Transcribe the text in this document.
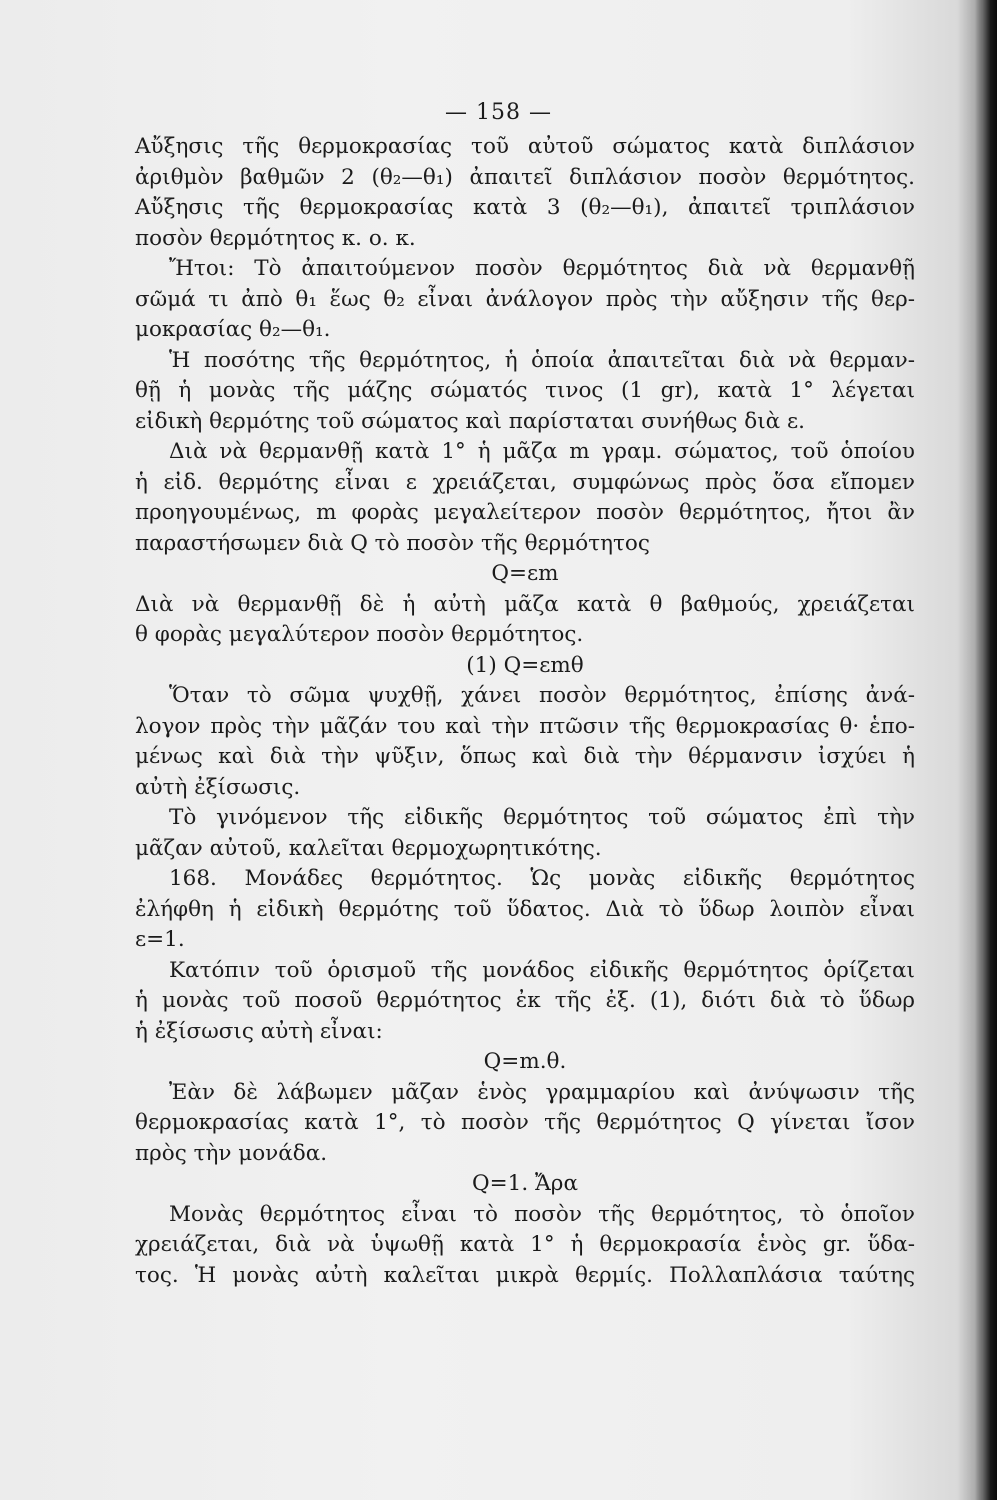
— 158 —
Αὔξησις τῆς θερμοκρασίας τοῦ αὐτοῦ σώματος κατὰ διπλάσιον
ἀριθμὸν βαθμῶν 2 (θ₂—θ₁) ἀπαιτεῖ διπλάσιον ποσὸν θερμότητος.
Αὔξησις τῆς θερμοκρασίας κατὰ 3 (θ₂—θ₁), ἀπαιτεῖ τριπλάσιον
ποσὸν θερμότητος κ. ο. κ.
Ἤτοι: Τὸ ἀπαιτούμενον ποσὸν θερμότητος διὰ νὰ θερμανθῇ
σῶμά τι ἀπὸ θ₁ ἕως θ₂ εἶναι ἀνάλογον πρὸς τὴν αὔξησιν τῆς θερ-
μοκρασίας θ₂—θ₁.
Ἡ ποσότης τῆς θερμότητος, ἡ ὁποία ἀπαιτεῖται διὰ νὰ θερμαν-
θῇ ἡ μονὰς τῆς μάζης σώματός τινος (1 gr), κατὰ 1° λέγεται
εἰδικὴ θερμότης τοῦ σώματος καὶ παρίσταται συνήθως διὰ ε.
Διὰ νὰ θερμανθῇ κατὰ 1° ἡ μᾶζα m γραμ. σώματος, τοῦ ὁποίου
ἡ εἰδ. θερμότης εἶναι ε χρειάζεται, συμφώνως πρὸς ὅσα εἴπομεν
προηγουμένως, m φορὰς μεγαλείτερον ποσὸν θερμότητος, ἤτοι ἂν
παραστήσωμεν διὰ Q τὸ ποσὸν τῆς θερμότητος
Q=εm
Διὰ νὰ θερμανθῇ δὲ ἡ αὐτὴ μᾶζα κατὰ θ βαθμούς, χρειάζεται
θ φορὰς μεγαλύτερον ποσὸν θερμότητος.
(1) Q=εmθ
Ὅταν τὸ σῶμα ψυχθῇ, χάνει ποσὸν θερμότητος, ἐπίσης ἀνά-
λογον πρὸς τὴν μᾶζάν του καὶ τὴν πτῶσιν τῆς θερμοκρασίας θ· ἑπο-
μένως καὶ διὰ τὴν ψῦξιν, ὅπως καὶ διὰ τὴν θέρμανσιν ἰσχύει ἡ
αὐτὴ ἐξίσωσις.
Τὸ γινόμενον τῆς εἰδικῆς θερμότητος τοῦ σώματος ἐπὶ τὴν
μᾶζαν αὐτοῦ, καλεῖται θερμοχωρητικότης.
168. Μονάδες θερμότητος. Ὡς μονὰς εἰδικῆς θερμότητος
ἐλήφθη ἡ εἰδικὴ θερμότης τοῦ ὕδατος. Διὰ τὸ ὕδωρ λοιπὸν εἶναι
ε=1.
Κατόπιν τοῦ ὁρισμοῦ τῆς μονάδος εἰδικῆς θερμότητος ὁρίζεται
ἡ μονὰς τοῦ ποσοῦ θερμότητος ἐκ τῆς ἐξ. (1), διότι διὰ τὸ ὕδωρ
ἡ ἐξίσωσις αὐτὴ εἶναι:
Q=m.θ.
Ἐὰν δὲ λάβωμεν μᾶζαν ἑνὸς γραμμαρίου καὶ ἀνύψωσιν τῆς
θερμοκρασίας κατὰ 1°, τὸ ποσὸν τῆς θερμότητος Q γίνεται ἴσον
πρὸς τὴν μονάδα.
Q=1. Ἄρα
Μονὰς θερμότητος εἶναι τὸ ποσὸν τῆς θερμότητος, τὸ ὁποῖον
χρειάζεται, διὰ νὰ ὑψωθῇ κατὰ 1° ἡ θερμοκρασία ἑνὸς gr. ὕδα-
τος. Ἡ μονὰς αὐτὴ καλεῖται μικρὰ θερμίς. Πολλαπλάσια ταύτης
